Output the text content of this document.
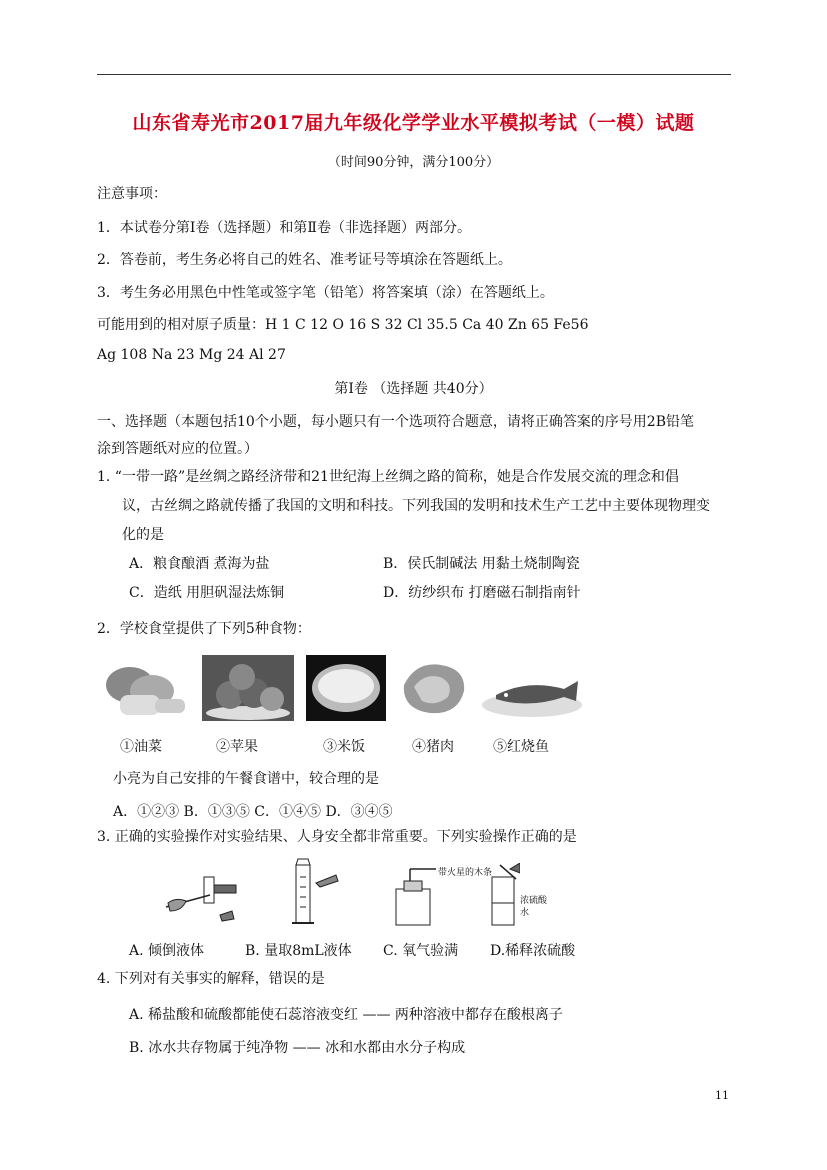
山东省寿光市2017届九年级化学学业水平模拟考试（一模）试题
（时间90分钟，满分100分）
注意事项：
1．本试卷分第Ⅰ卷（选择题）和第Ⅱ卷（非选择题）两部分。
2．答卷前，考生务必将自己的姓名、准考证号等填涂在答题纸上。
3．考生务必用黑色中性笔或签字笔（铅笔）将答案填（涂）在答题纸上。
可能用到的相对原子质量：H 1 C 12 O 16 S 32 Cl 35.5 Ca 40 Zn 65 Fe56
Ag 108 Na 23 Mg 24 Al 27
第Ⅰ卷 （选择题 共40分）
一、选择题（本题包括10个小题，每小题只有一个选项符合题意，请将正确答案的序号用2B铅笔
涂到答题纸对应的位置。）
1. “一带一路”是丝绸之路经济带和21世纪海上丝绸之路的简称，她是合作发展交流的理念和倡
议，古丝绸之路就传播了我国的文明和科技。下列我国的发明和技术生产工艺中主要体现物理变
化的是
A．粮食酿酒 煮海为盐	B．侯氏制碱法 用黏土烧制陶瓷
C．造纸 用胆矾湿法炼铜	D．纺纱织布 打磨磁石制指南针
2．学校食堂提供了下列5种食物：
①油菜	②苹果	③米饭	④猪肉	⑤红烧鱼
小亮为自己安排的午餐食谱中，较合理的是
A．①②③ B．①③⑤ C．①④⑤ D．③④⑤
3. 正确的实验操作对实验结果、人身安全都非常重要。下列实验操作正确的是
带火星的木条
浓硫酸
水
A. 倾倒液体	B. 量取8mL液体 C. 氧气验满 D.稀释浓硫酸
4. 下列对有关事实的解释，错误的是
A. 稀盐酸和硫酸都能使石蕊溶液变红 —— 两种溶液中都存在酸根离子
B. 冰水共存物属于纯净物 —— 冰和水都由水分子构成
11
